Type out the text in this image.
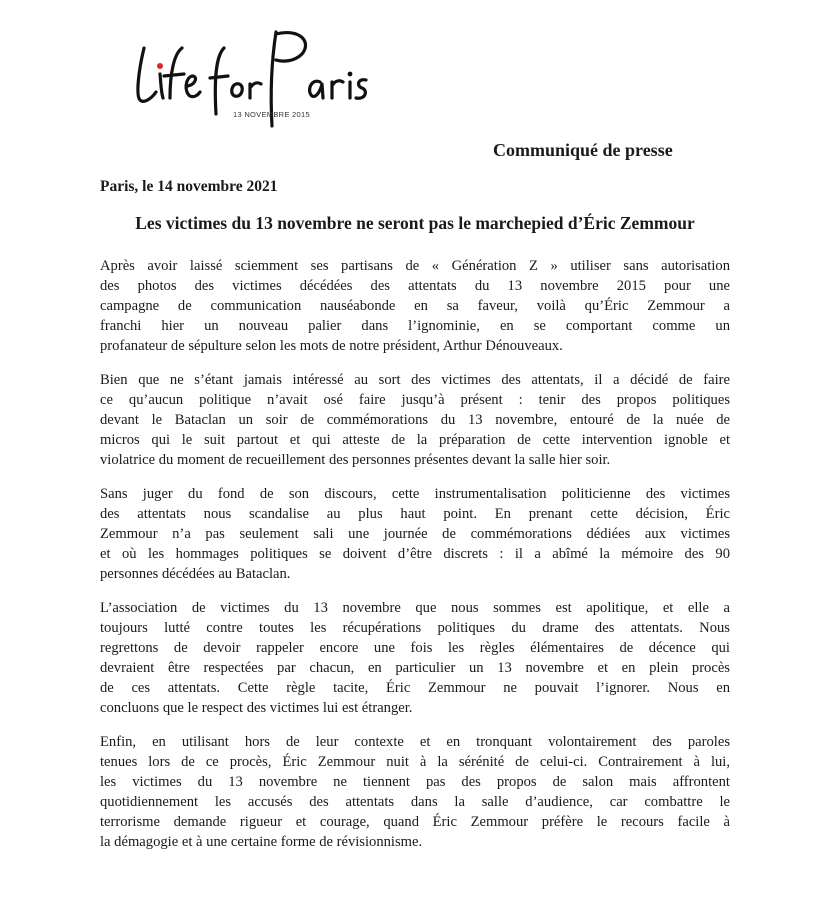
13 NOVEMBRE 2015
Communiqué de presse
Paris, le 14 novembre 2021
Les victimes du 13 novembre ne seront pas le marchepied d’Éric Zemmour
Après avoir laissé sciemment ses partisans de « Génération Z » utiliser sans autorisation
des photos des victimes décédées des attentats du 13 novembre 2015 pour une
campagne de communication nauséabonde en sa faveur, voilà qu’Éric Zemmour a
franchi hier un nouveau palier dans l’ignominie, en se comportant comme un
profanateur de sépulture selon les mots de notre président, Arthur Dénouveaux.
Bien que ne s’étant jamais intéressé au sort des victimes des attentats, il a décidé de faire
ce qu’aucun politique n’avait osé faire jusqu’à présent : tenir des propos politiques
devant le Bataclan un soir de commémorations du 13 novembre, entouré de la nuée de
micros qui le suit partout et qui atteste de la préparation de cette intervention ignoble et
violatrice du moment de recueillement des personnes présentes devant la salle hier soir.
Sans juger du fond de son discours, cette instrumentalisation politicienne des victimes
des attentats nous scandalise au plus haut point. En prenant cette décision, Éric
Zemmour n’a pas seulement sali une journée de commémorations dédiées aux victimes
et où les hommages politiques se doivent d’être discrets : il a abîmé la mémoire des 90
personnes décédées au Bataclan.
L’association de victimes du 13 novembre que nous sommes est apolitique, et elle a
toujours lutté contre toutes les récupérations politiques du drame des attentats. Nous
regrettons de devoir rappeler encore une fois les règles élémentaires de décence qui
devraient être respectées par chacun, en particulier un 13 novembre et en plein procès
de ces attentats. Cette règle tacite, Éric Zemmour ne pouvait l’ignorer. Nous en
concluons que le respect des victimes lui est étranger.
Enfin, en utilisant hors de leur contexte et en tronquant volontairement des paroles
tenues lors de ce procès, Éric Zemmour nuit à la sérénité de celui-ci. Contrairement à lui,
les victimes du 13 novembre ne tiennent pas des propos de salon mais affrontent
quotidiennement les accusés des attentats dans la salle d’audience, car combattre le
terrorisme demande rigueur et courage, quand Éric Zemmour préfère le recours facile à
la démagogie et à une certaine forme de révisionnisme.
